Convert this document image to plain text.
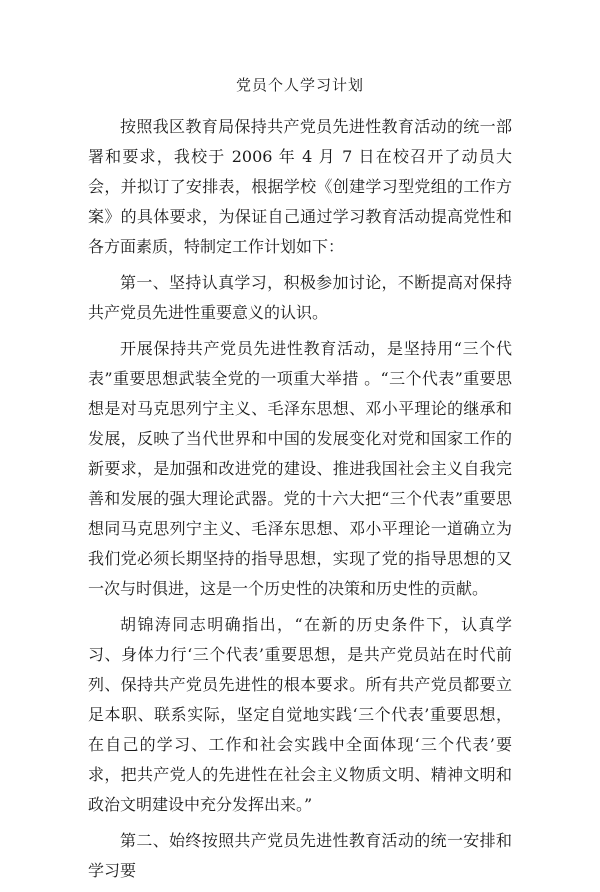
党员个人学习计划

按照我区教育局保持共产党员先进性教育活动的统一部署和要求，我校于 2006 年 4 月 7 日在校召开了动员大会，并拟订了安排表，根据学校《创建学习型党组的工作方案》的具体要求，为保证自己通过学习教育活动提高党性和各方面素质，特制定工作计划如下：

第一、坚持认真学习，积极参加讨论，不断提高对保持共产党员先进性重要意义的认识。

开展保持共产党员先进性教育活动，是坚持用“三个代表”重要思想武装全党的一项重大举措 。“三个代表”重要思想是对马克思列宁主义、毛泽东思想、邓小平理论的继承和发展，反映了当代世界和中国的发展变化对党和国家工作的新要求，是加强和改进党的建设、推进我国社会主义自我完善和发展的强大理论武器。党的十六大把“三个代表”重要思想同马克思列宁主义、毛泽东思想、邓小平理论一道确立为我们党必须长期坚持的指导思想，实现了党的指导思想的又一次与时俱进，这是一个历史性的决策和历史性的贡献。

胡锦涛同志明确指出，“在新的历史条件下，认真学习、身体力行‘三个代表’重要思想，是共产党员站在时代前列、保持共产党员先进性的根本要求。所有共产党员都要立足本职、联系实际，坚定自觉地实践‘三个代表’重要思想，在自己的学习、工作和社会实践中全面体现‘三个代表’要求，把共产党人的先进性在社会主义物质文明、精神文明和政治文明建设中充分发挥出来。”

第二、始终按照共产党员先进性教育活动的统一安排和学习要
